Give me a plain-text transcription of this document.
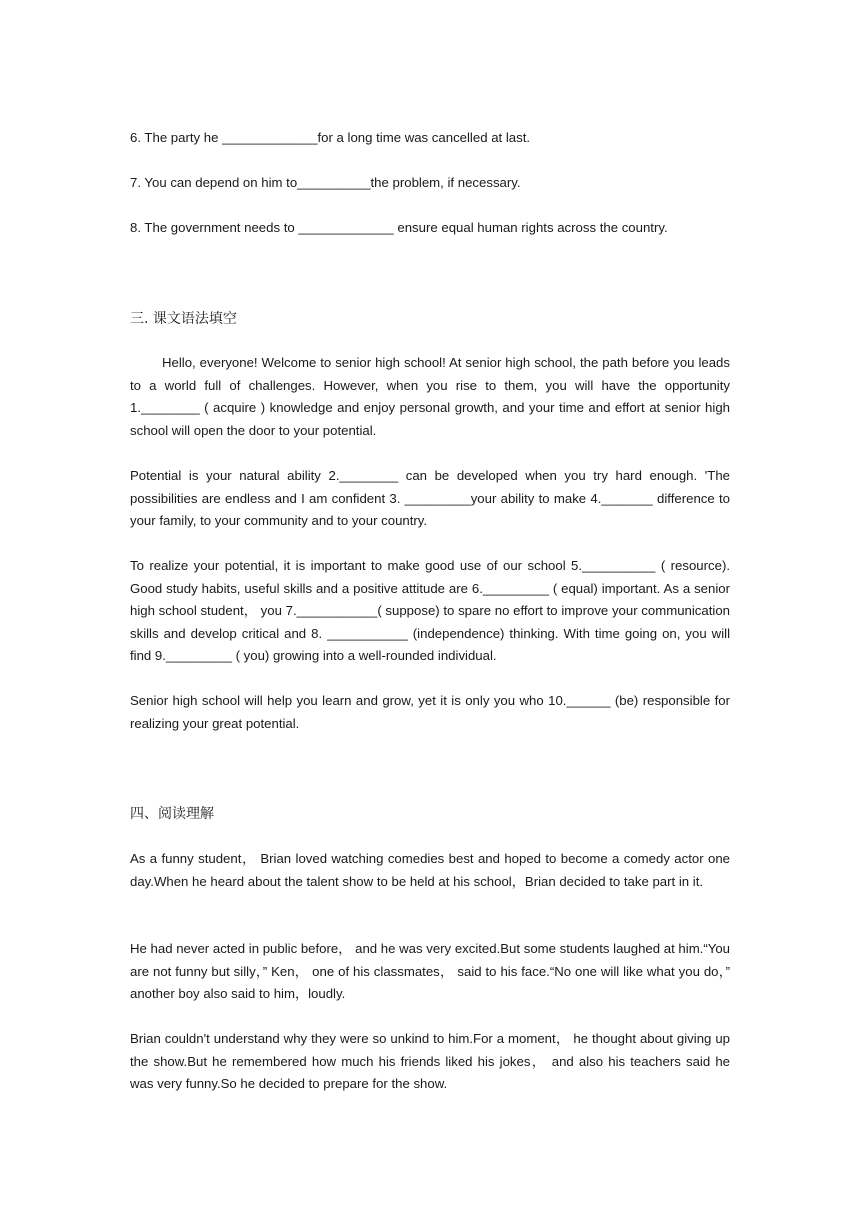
6. The party he _____________for a long time was cancelled at last.
7. You can depend on him to__________the problem, if necessary.
8. The government needs to _____________ ensure equal human rights across the country.
三. 课文语法填空
Hello, everyone! Welcome to senior high school! At senior high school, the path before you leads to a world full of challenges. However, when you rise to them, you will have the opportunity 1.________ ( acquire ) knowledge and enjoy personal growth, and your time and effort at senior high school will open the door to your potential.
Potential is your natural ability 2.________ can be developed when you try hard enough. 'The possibilities are endless and I am confident 3. _________your ability to make 4._______ difference to your family, to your community and to your country.
To realize your potential, it is important to make good use of our school 5.__________ ( resource). Good study habits, useful skills and a positive attitude are 6._________ ( equal) important. As a senior high school student， you 7.___________( suppose) to spare no effort to improve your communication skills and develop critical and 8. ___________ (independence) thinking. With time going on, you will find 9._________ ( you) growing into a well-rounded individual.
Senior high school will help you learn and grow, yet it is only you who 10.______ (be) responsible for realizing your great potential.
四、阅读理解
As a funny student， Brian loved watching comedies best and hoped to become a comedy actor one day.When he heard about the talent show to be held at his school，Brian decided to take part in it.
He had never acted in public before， and he was very excited.But some students laughed at him.“You are not funny but silly，” Ken， one of his classmates， said to his face.“No one will like what you do，” another boy also said to him，loudly.
Brian couldn't understand why they were so unkind to him.For a moment， he thought about giving up the show.But he remembered how much his friends liked his jokes， and also his teachers said he was very funny.So he decided to prepare for the show.
